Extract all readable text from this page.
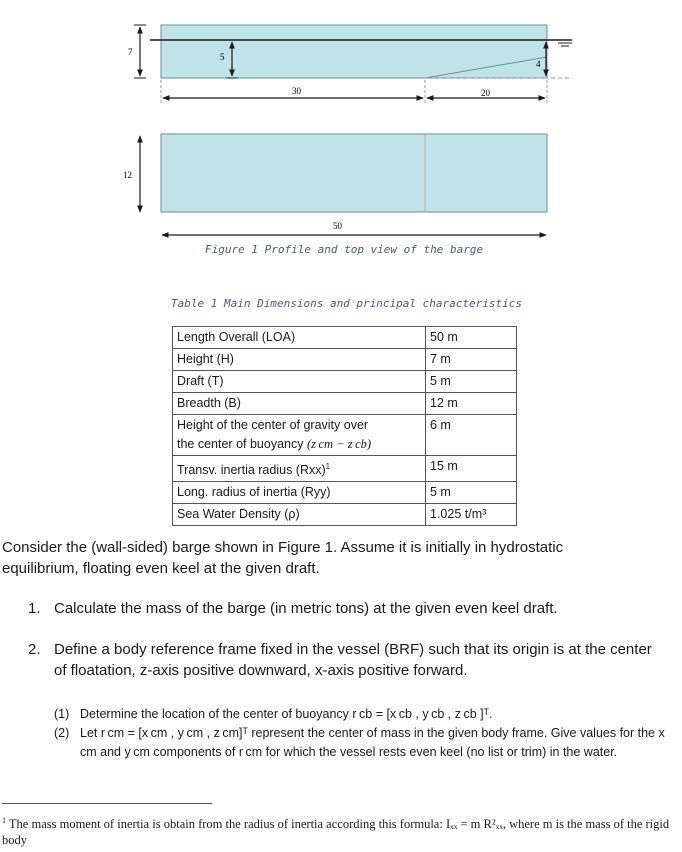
7	5
4
30	20
12
50
Figure 1 Profile and top view of the barge
Table 1 Main Dimensions and principal characteristics
Length Overall (LOA)	50 m
Height (H)	7 m
Draft (T)	5 m
Breadth (B)	12 m
Height of the center of gravity over
the center of buoyancy (z cm − z cb)	6 m
Transv. inertia radius (Rxx)$^1$	15 m
Long. radius of inertia (Ryy)	5 m
Sea Water Density (ρ)	1.025 t/m³
Consider the (wall-sided) barge shown in Figure 1. Assume it is initially in hydrostatic equilibrium, floating even keel at the given draft.
1. Calculate the mass of the barge (in metric tons) at the given even keel draft.
2. Define a body reference frame fixed in the vessel (BRF) such that its origin is at the center of floatation, z-axis positive downward, x-axis positive forward.
(1) Determine the location of the center of buoyancy r cb = [x cb , y cb , z cb ]ᵀ.
(2) Let r cm = [x cm , y cm , z cm]ᵀ represent the center of mass in the given body frame. Give values for the x cm and y cm components of r cm for which the vessel rests even keel (no list or trim) in the water.
$^1$ The mass moment of inertia is obtain from the radius of inertia according this formula: Iₓₓ = m R²ₓₓ, where m is the mass of the rigid body
